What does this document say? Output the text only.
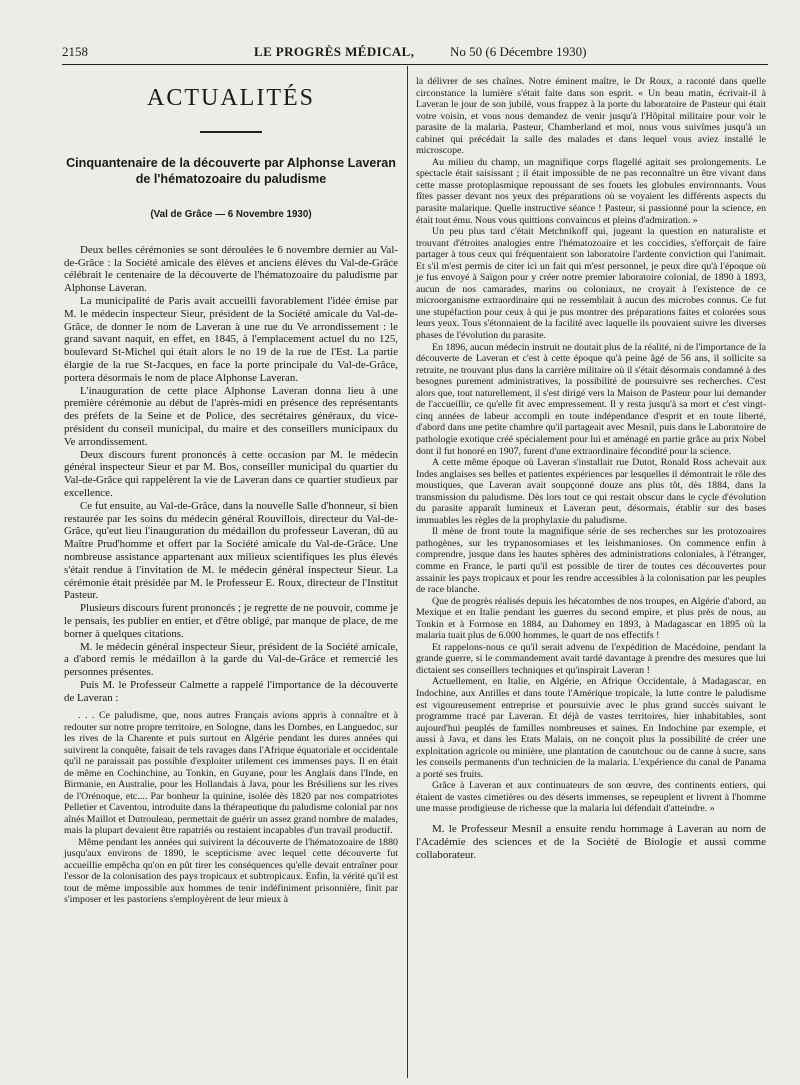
2158	LE PROGRÈS MÉDICAL,	No 50 (6 Décembre 1930)
ACTUALITÉS
Cinquantenaire de la découverte par Alphonse Laveran
de l'hématozoaire du paludisme
(Val de Grâce — 6 Novembre 1930)

Deux belles cérémonies se sont déroulées le 6 novembre dernier au Val-de-Grâce : la Société amicale des élèves et anciens élèves du Val-de-Grâce célébrait le centenaire de la découverte de l'hématozoaire du paludisme par Alphonse Laveran.

La municipalité de Paris avait accueilli favorablement l'idée émise par M. le médecin inspecteur Sieur, président de la Société amicale du Val-de-Grâce, de donner le nom de Laveran à une rue du Ve arrondissement : le grand savant naquit, en effet, en 1845, à l'emplacement actuel du no 125, boulevard St-Michel qui était alors le no 19 de la rue de l'Est. La partie élargie de la rue St-Jacques, en face la porte principale du Val-de-Grâce, portera désormais le nom de place Alphonse Laveran.

L'inauguration de cette place Alphonse Laveran donna lieu à une première cérémonie au début de l'après-midi en présence des représentants des préfets de la Seine et de Police, des secrétaires généraux, du vice-président du conseil municipal, du maire et des conseillers municipaux du Ve arrondissement.

Deux discours furent prononcés à cette occasion par M. le médecin général inspecteur Sieur et par M. Bos, conseiller municipal du quartier du Val-de-Grâce qui rappelèrent la vie de Laveran dans ce quartier studieux par excellence.

Ce fut ensuite, au Val-de-Grâce, dans la nouvelle Salle d'honneur, si bien restaurée par les soins du médecin général Rouvillois, directeur du Val-de-Grâce, qu'eut lieu l'inauguration du médaillon du professeur Laveran, dû au Maître Prud'homme et offert par la Société amicale du Val-de-Grâce. Une nombreuse assistance appartenant aux milieux scientifiques les plus élevés s'était rendue à l'invitation de M. le médecin général inspecteur Sieur. La cérémonie était présidée par M. le Professeur E. Roux, directeur de l'Institut Pasteur.

Plusieurs discours furent prononcés ; je regrette de ne pouvoir, comme je le pensais, les publier en entier, et d'être obligé, par manque de place, de me borner à quelques citations.

M. le médecin général inspecteur Sieur, président de la Société amicale, a d'abord remis le médaillon à la garde du Val-de-Grâce et remercié les personnes présentes.

Puis M. le Professeur Calmette a rappelé l'importance de la découverte de Laveran :

. . . Ce paludisme, que, nous autres Français avions appris à connaître et à redouter sur notre propre territoire, en Sologne, dans les Dombes, en Languedoc, sur les rives de la Charente et puis surtout en Algérie pendant les dures années qui suivirent la conquête, faisait de tels ravages dans l'Afrique équatoriale et occidentale qu'il ne paraissait pas possible d'exploiter utilement ces immenses pays. Il en était de même en Cochinchine, au Tonkin, en Guyane, pour les Anglais dans l'Inde, en Birmanie, en Australie, pour les Hollandais à Java, pour les Brésiliens sur les rives de l'Orénoque, etc.... Par bonheur la quinine, isolée dès 1820 par nos compatriotes Pelletier et Caventou, introduite dans la thérapeutique du paludisme colonial par nos aînés Maillot et Dutrouleau, permettait de guérir un assez grand nombre de malades, mais la plupart devaient être rapatriés ou restaient incapables d'un travail productif.

Même pendant les années qui suivirent la découverte de l'hématozoaire de 1880 jusqu'aux environs de 1890, le scepticisme avec lequel cette découverte fut accueillie empêcha qu'on en pût tirer les conséquences qu'elle devait entraîner pour l'essor de la colonisation des pays tropicaux et subtropicaux. Enfin, la vérité qu'il est tout de même impossible aux hommes de tenir indéfiniment prisonnière, finit par s'imposer et les pastoriens s'employèrent de leur mieux à

la délivrer de ses chaînes. Notre éminent maître, le Dr Roux, a raconté dans quelle circonstance la lumière s'était faite dans son esprit. « Un beau matin, écrivait-il à Laveran le jour de son jubilé, vous frappez à la porte du laboratoire de Pasteur qui était votre voisin, et vous nous demandez de venir jusqu'à l'Hôpital militaire pour voir le parasite de la malaria. Pasteur, Chamberland et moi, nous vous suivîmes jusqu'à un cabinet qui précédait la salle des malades et dans lequel vous aviez installé le microscope.

Au milieu du champ, un magnifique corps flagellé agitait ses prolongements. Le spectacle était saisissant ; il était impossible de ne pas reconnaître un être vivant dans cette masse protoplasmique repoussant de ses fouets les globules environnants. Vous fîtes passer devant nos yeux des préparations où se voyaient les différents aspects du parasite malarique. Quelle instructive séance ! Pasteur, si passionné pour la science, en était tout ému. Nous vous quittions convaincus et pleins d'admiration. »

Un peu plus tard c'était Metchnikoff qui, jugeant la question en naturaliste et trouvant d'étroites analogies entre l'hématozoaire et les coccidies, s'efforçait de faire partager à tous ceux qui fréquentaient son laboratoire l'ardente conviction qui l'animait. Et s'il m'est permis de citer ici un fait qui m'est personnel, je peux dire qu'à l'époque où je fus envoyé à Saïgon pour y créer notre premier laboratoire colonial, de 1890 à 1893, aucun de nos camarades, marins ou coloniaux, ne croyait à l'existence de ce microorganisme extraordinaire qui ne ressemblait à aucun des microbes connus. Ce fut une stupéfaction pour ceux à qui je pus montrer des préparations faites et colorées sous leurs yeux. Tous s'étonnaient de la facilité avec laquelle ils pouvaient suivre les diverses phases de l'évolution du parasite.

En 1896, aucun médecin instruit ne doutait plus de la réalité, ni de l'importance de la découverte de Laveran et c'est à cette époque qu'à peine âgé de 56 ans, il sollicite sa retraite, ne trouvant plus dans la carrière militaire où il s'était désormais condamné à des besognes purement administratives, la possibilité de poursuivre ses recherches. C'est alors que, tout naturellement, il s'est dirigé vers la Maison de Pasteur pour lui demander de l'accueillir, ce qu'elle fit avec empressement. Il y resta jusqu'à sa mort et c'est vingt-cinq années de labeur accompli en toute indépendance d'esprit et en toute liberté, d'abord dans une petite chambre qu'il partageait avec Mesnil, puis dans le Laboratoire de pathologie exotique créé spécialement pour lui et aménagé en partie grâce au prix Nobel dont il fut honoré en 1907, furent d'une extraordinaire fécondité pour la science.

A cette même époque où Laveran s'installait rue Dutot, Ronald Ross achevait aux Indes anglaises ses belles et patientes expériences par lesquelles il démontrait le rôle des moustiques, que Laveran avait soupçonné douze ans plus tôt, dès 1884, dans la transmission du paludisme. Dès lors tout ce qui restait obscur dans le cycle d'évolution du parasite apparaît lumineux et Laveran peut, désormais, établir sur des bases immuables les règles de la prophylaxie du paludisme.

Il mène de front toute la magnifique série de ses recherches sur les protozoaires pathogènes, sur les trypanosomiases et les leishmanioses. On commence enfin à comprendre, jusque dans les hautes sphères des administrations coloniales, à l'étranger, comme en France, le parti qu'il est possible de tirer de toutes ces découvertes pour assainir les pays tropicaux et pour les rendre accessibles à la colonisation par les peuples de race blanche.

Que de progrès réalisés depuis les hécatombes de nos troupes, en Algérie d'abord, au Mexique et en Italie pendant les guerres du second empire, et plus près de nous, au Tonkin et à Formose en 1884, au Dahomey en 1893, à Madagascar en 1895 où la malaria tuait plus de 6.000 hommes, le quart de nos effectifs !

Et rappelons-nous ce qu'il serait advenu de l'expédition de Macédoine, pendant la grande guerre, si le commandement avait tardé davantage à prendre des mesures que lui dictaient ses conseillers techniques et qu'inspirait Laveran !

Actuellement, en Italie, en Algérie, en Afrique Occidentale, à Madagascar, en Indochine, aux Antilles et dans toute l'Amérique tropicale, la lutte contre le paludisme est vigoureusement entreprise et poursuivie avec le plus grand succès suivant le programme tracé par Laveran. Et déjà de vastes territoires, hier inhabitables, sont aujourd'hui peuplés de familles nombreuses et saines. En Indochine par exemple, et aussi à Java, et dans les Etats Malais, on ne conçoit plus la possibilité de créer une exploitation agricole ou minière, une plantation de caoutchouc ou de canne à sucre, sans les conseils permanents d'un technicien de la malaria. L'expérience du canal de Panama a porté ses fruits.

Grâce à Laveran et aux continuateurs de son œuvre, des continents entiers, qui étaient de vastes cimetières ou des déserts immenses, se repeuplent et livrent à l'homme une masse prodigieuse de richesse que la malaria lui défendait d'atteindre. »

M. le Professeur Mesnil a ensuite rendu hommage à Laveran au nom de l'Académie des sciences et de la Société de Biologie et aussi comme collaborateur.
